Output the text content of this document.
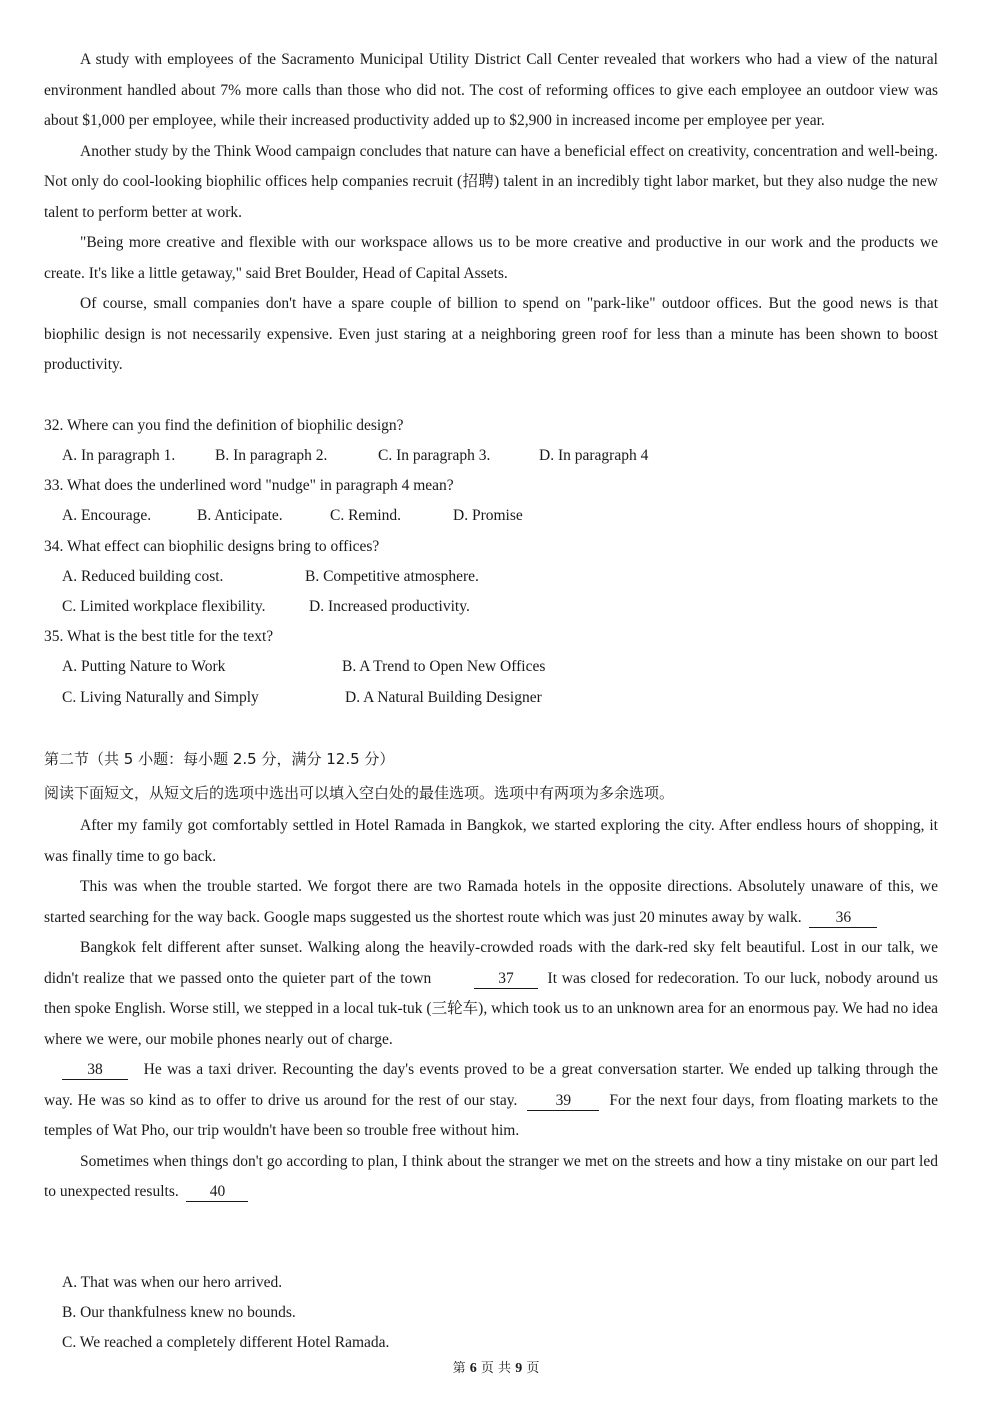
A study with employees of the Sacramento Municipal Utility District Call Center revealed that workers who had a view of the natural environment handled about 7% more calls than those who did not. The cost of reforming offices to give each employee an outdoor view was about $1,000 per employee, while their increased productivity added up to $2,900 in increased income per employee per year.

Another study by the Think Wood campaign concludes that nature can have a beneficial effect on creativity, concentration and well-being. Not only do cool-looking biophilic offices help companies recruit (招聘) talent in an incredibly tight labor market, but they also nudge the new talent to perform better at work.

"Being more creative and flexible with our workspace allows us to be more creative and productive in our work and the products we create. It's like a little getaway," said Bret Boulder, Head of Capital Assets.

Of course, small companies don't have a spare couple of billion to spend on "park-like" outdoor offices. But the good news is that biophilic design is not necessarily expensive. Even just staring at a neighboring green roof for less than a minute has been shown to boost productivity.

32. Where can you find the definition of biophilic design?
A. In paragraph 1.	B. In paragraph 2.	C. In paragraph 3.	D. In paragraph 4
33. What does the underlined word "nudge" in paragraph 4 mean?
A. Encourage.	B. Anticipate.	C. Remind.	D. Promise
34. What effect can biophilic designs bring to offices?
A. Reduced building cost.	B. Competitive atmosphere.
C. Limited workplace flexibility.	D. Increased productivity.
35. What is the best title for the text?
A. Putting Nature to Work	B. A Trend to Open New Offices
C. Living Naturally and Simply	D. A Natural Building Designer
第二节（共 5 小题：每小题 2.5 分，满分 12.5 分）
阅读下面短文，从短文后的选项中选出可以填入空白处的最佳选项。选项中有两项为多余选项。

After my family got comfortably settled in Hotel Ramada in Bangkok, we started exploring the city. After endless hours of shopping, it was finally time to go back.

This was when the trouble started. We forgot there are two Ramada hotels in the opposite directions. Absolutely unaware of this, we started searching for the way back. Google maps suggested us the shortest route which was just 20 minutes away by walk. 36

Bangkok felt different after sunset. Walking along the heavily-crowded roads with the dark-red sky felt beautiful. Lost in our talk, we didn't realize that we passed onto the quieter part of the town	37 It was closed for redecoration. To our luck, nobody around us then spoke English. Worse still, we stepped in a local tuk-tuk (三轮车), which took us to an unknown area for an enormous pay. We had no idea where we were, our mobile phones nearly out of charge.

38	He was a taxi driver. Recounting the day's events proved to be a great conversation starter. We ended up talking through the way. He was so kind as to offer to drive us around for the rest of our stay. 39 For the next four days, from floating markets to the temples of Wat Pho, our trip wouldn't have been so trouble free without him.

Sometimes when things don't go according to plan, I think about the stranger we met on the streets and how a tiny mistake on our part led to unexpected results. 40

A. That was when our hero arrived.
B. Our thankfulness knew no bounds.
C. We reached a completely different Hotel Ramada.
第 6 页 共 9 页
